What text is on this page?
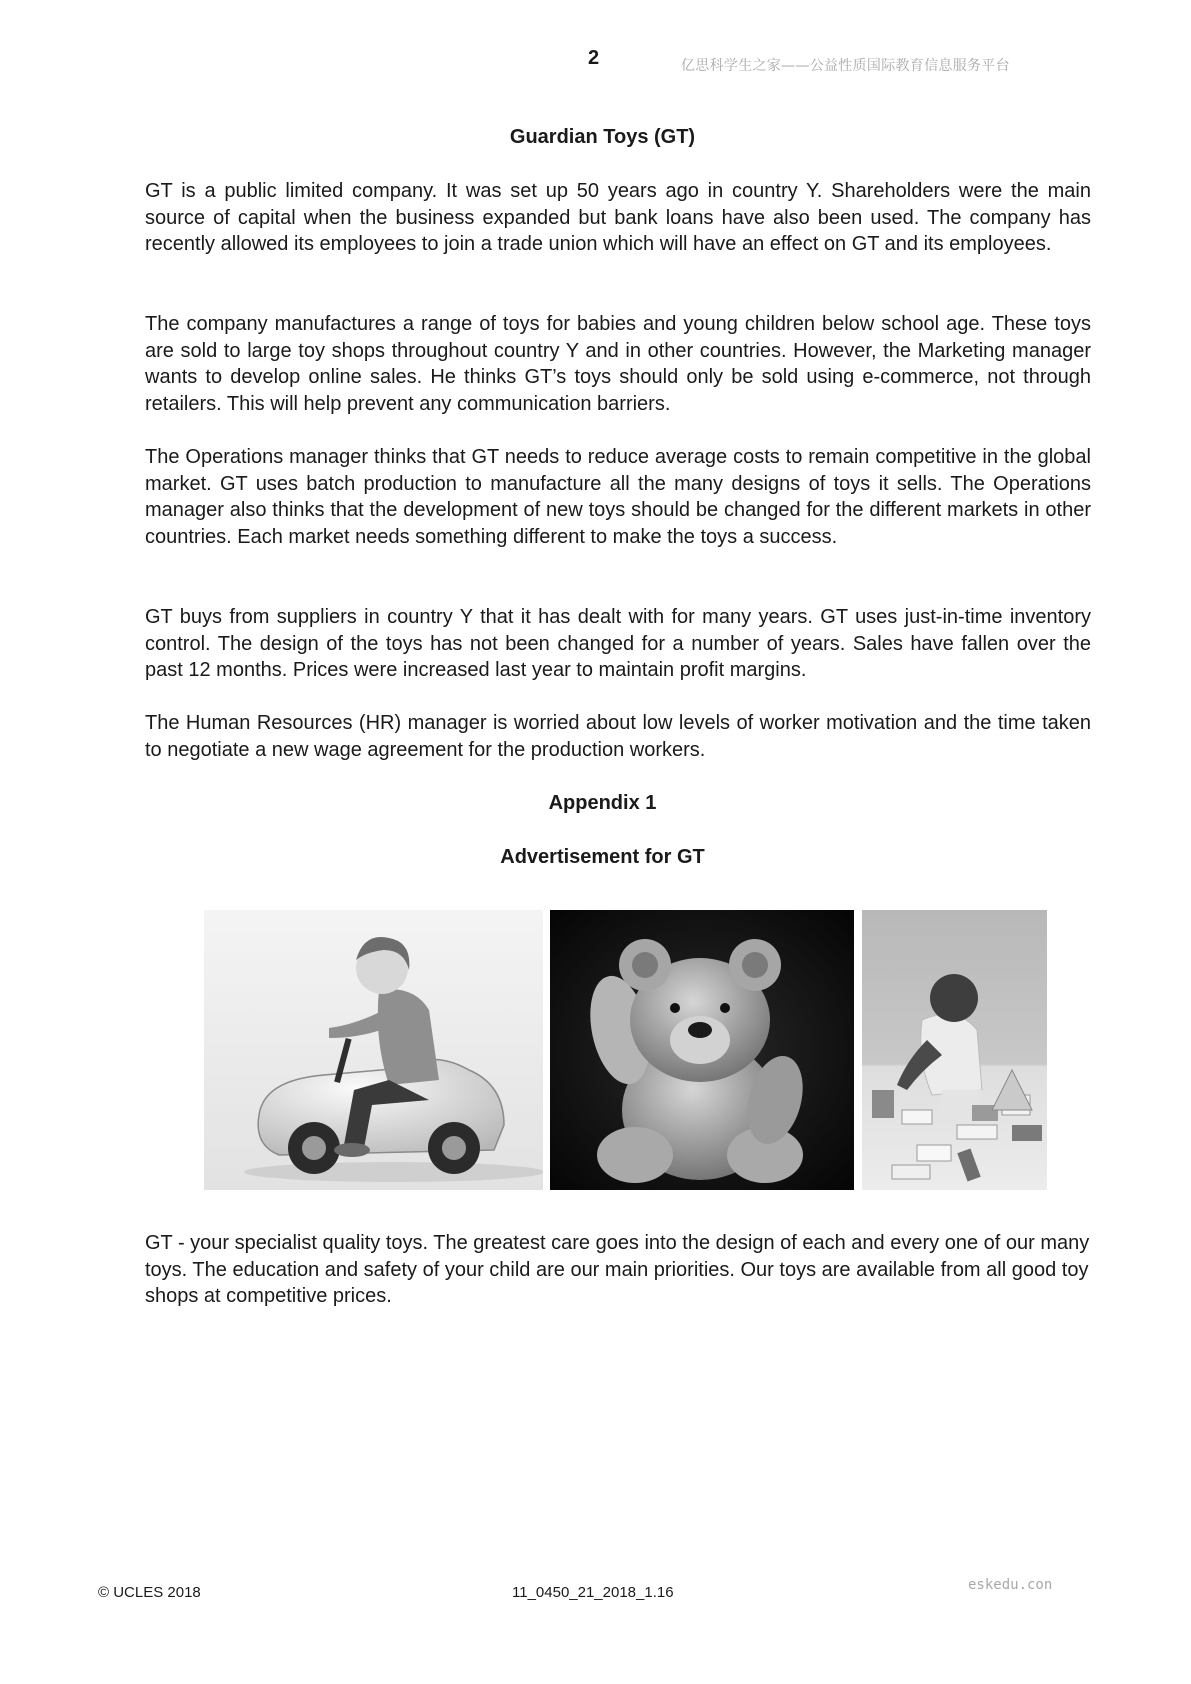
2	亿思科学生之家——公益性质国际教育信息服务平台
Guardian Toys (GT)

GT is a public limited company. It was set up 50 years ago in country Y. Shareholders were the main source of capital when the business expanded but bank loans have also been used. The company has recently allowed its employees to join a trade union which will have an effect on GT and its employees.

The company manufactures a range of toys for babies and young children below school age. These toys are sold to large toy shops throughout country Y and in other countries. However, the Marketing manager wants to develop online sales. He thinks GT’s toys should only be sold using e-commerce, not through retailers. This will help prevent any communication barriers.

The Operations manager thinks that GT needs to reduce average costs to remain competitive in the global market. GT uses batch production to manufacture all the many designs of toys it sells. The Operations manager also thinks that the development of new toys should be changed for the different markets in other countries. Each market needs something different to make the toys a success.

GT buys from suppliers in country Y that it has dealt with for many years. GT uses just-in-time inventory control. The design of the toys has not been changed for a number of years. Sales have fallen over the past 12 months. Prices were increased last year to maintain profit margins.

The Human Resources (HR) manager is worried about low levels of worker motivation and the time taken to negotiate a new wage agreement for the production workers.

Appendix 1
Advertisement for GT

GT - your specialist quality toys. The greatest care goes into the design of each and every one of our many toys. The education and safety of your child are our main priorities. Our toys are available from all good toy shops at competitive prices.

© UCLES 2018	11_0450_21_2018_1.16	eskedu.con
